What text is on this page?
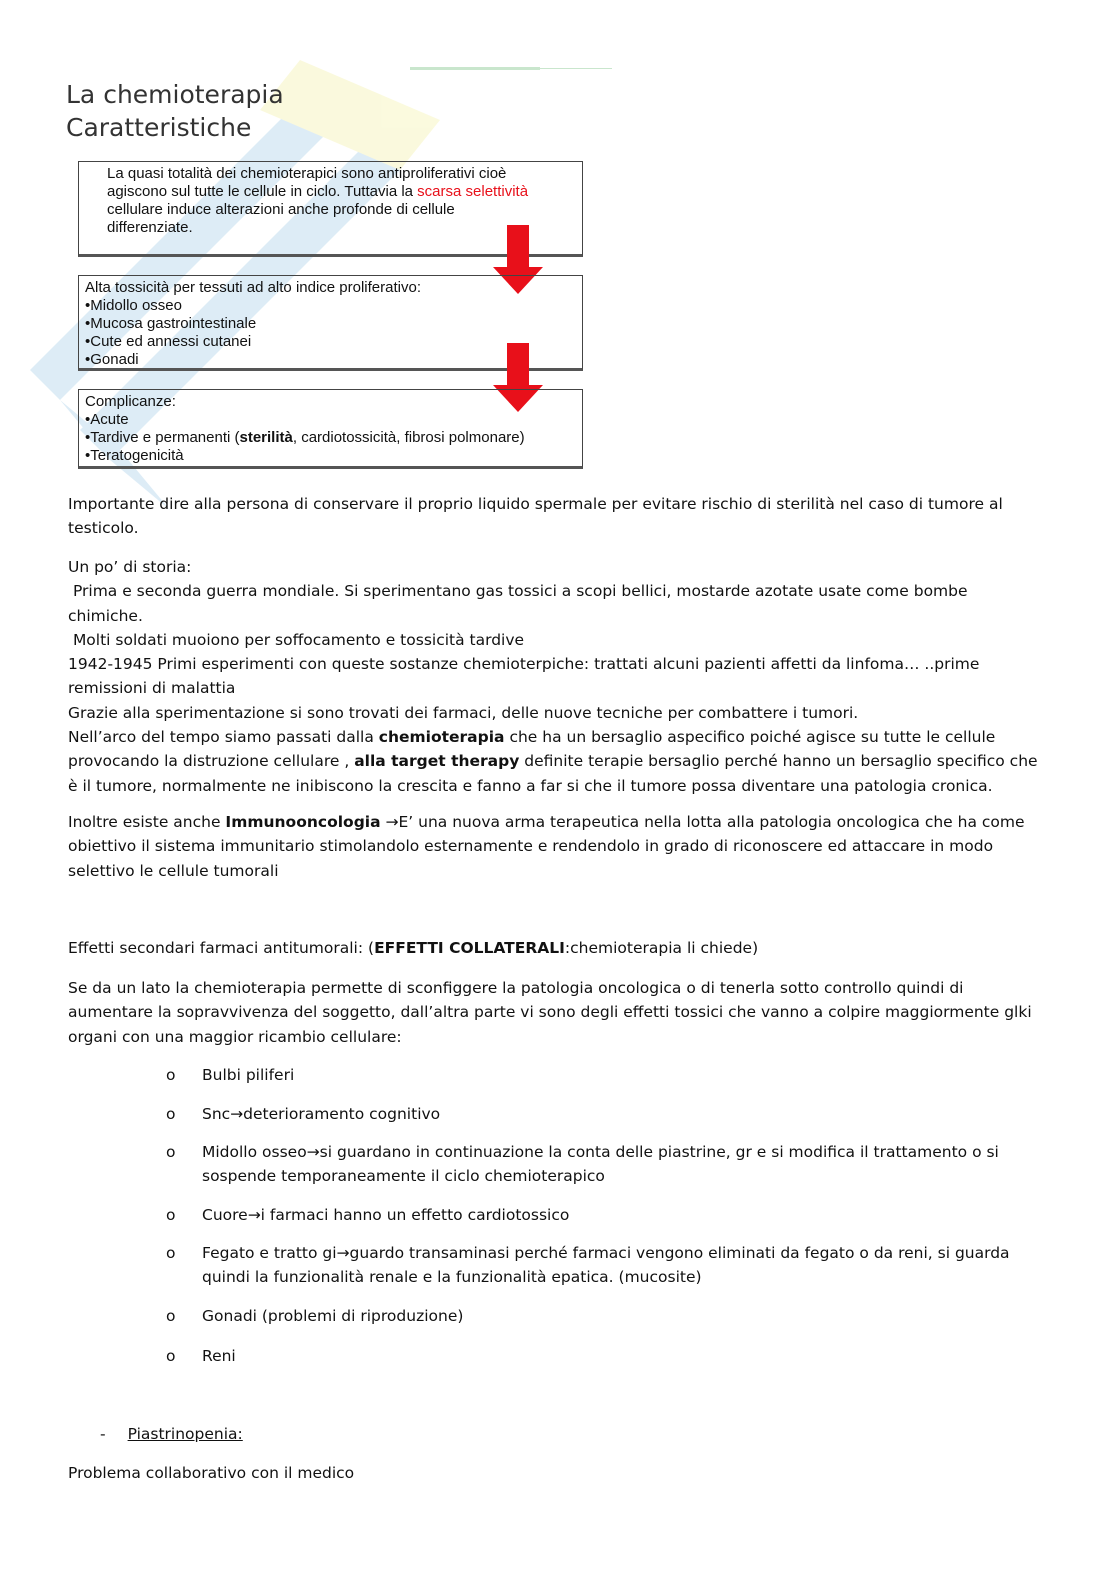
La chemioterapia
Caratteristiche
La quasi totalità dei chemioterapici sono antiproliferativi cioè
agiscono sul tutte le cellule in ciclo. Tuttavia la scarsa selettività
cellulare induce alterazioni anche profonde di cellule
differenziate.
Alta tossicità per tessuti ad alto indice proliferativo:
•Midollo osseo
•Mucosa gastrointestinale
•Cute ed annessi cutanei
•Gonadi
Complicanze:
•Acute
•Tardive e permanenti (sterilità, cardiotossicità, fibrosi polmonare)
•Teratogenicità

Importante dire alla persona di conservare il proprio liquido spermale per evitare rischio di sterilità nel caso di tumore al testicolo.

Un po’ di storia:

Prima e seconda guerra mondiale. Si sperimentano gas tossici a scopi bellici, mostarde azotate usate come bombe chimiche.

Molti soldati muoiono per soffocamento e tossicità tardive

1942-1945 Primi esperimenti con queste sostanze chemioterpiche: trattati alcuni pazienti affetti da linfoma… ..prime remissioni di malattia

Grazie alla sperimentazione si sono trovati dei farmaci, delle nuove tecniche per combattere i tumori.

Nell’arco del tempo siamo passati dalla chemioterapia che ha un bersaglio aspecifico poiché agisce su tutte le cellule provocando la distruzione cellulare , alla target therapy definite terapie bersaglio perché hanno un bersaglio specifico che è il tumore, normalmente ne inibiscono la crescita e fanno a far si che il tumore possa diventare una patologia cronica.

Inoltre esiste anche Immunooncologia →E’ una nuova arma terapeutica nella lotta alla patologia oncologica che ha come obiettivo il sistema immunitario stimolandolo esternamente e rendendolo in grado di riconoscere ed attaccare in modo selettivo le cellule tumorali

Effetti secondari farmaci antitumorali: (EFFETTI COLLATERALI:chemioterapia li chiede)

Se da un lato la chemioterapia permette di sconfiggere la patologia oncologica o di tenerla sotto controllo quindi di aumentare la sopravvivenza del soggetto, dall’altra parte vi sono degli effetti tossici che vanno a colpire maggiormente glki organi con una maggior ricambio cellulare:

o	Bulbi piliferi
o	Snc→deterioramento cognitivo
o	Midollo osseo→si guardano in continuazione la conta delle piastrine, gr e si modifica il trattamento o si sospende temporaneamente il ciclo chemioterapico
o	Cuore→i farmaci hanno un effetto cardiotossico
o	Fegato e tratto gi→guardo transaminasi perché farmaci vengono eliminati da fegato o da reni, si guarda quindi la funzionalità renale e la funzionalità epatica. (mucosite)
o	Gonadi (problemi di riproduzione)
o	Reni
- Piastrinopenia:

Problema collaborativo con il medico
